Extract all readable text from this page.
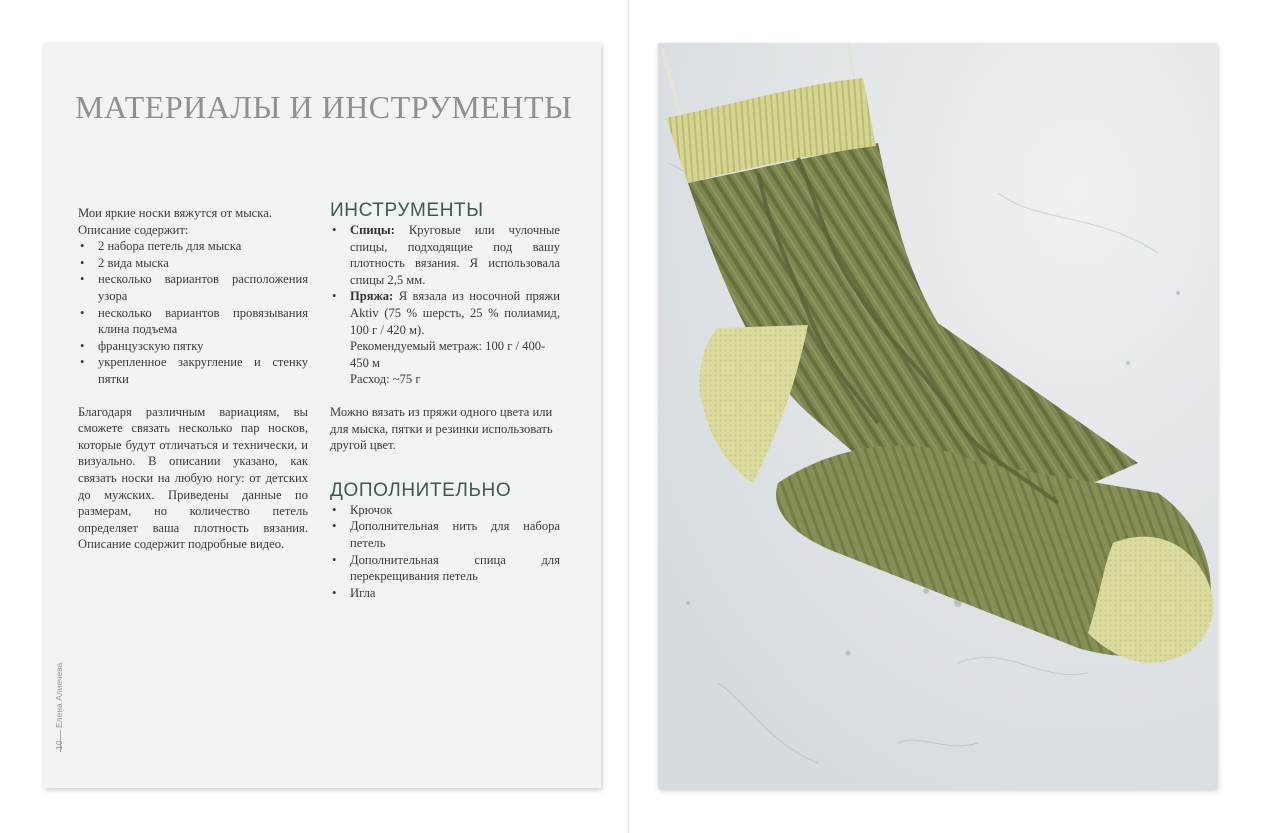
МАТЕРИАЛЫ И ИНСТРУМЕНТЫ

Мои яркие носки вяжутся от мыска.

Описание содержит:

• 2 набора петель для мыска
• 2 вида мыска
• несколько вариантов расположения узора
• несколько вариантов провязывания клина подъема
• французскую пятку
• укрепленное закругление и стенку пятки

Благодаря различным вариациям, вы сможете связать несколько пар носков, которые будут отличаться и технически, и визуально. В описании указано, как связать носки на любую ногу: от детских до мужских. Приведены данные по размерам, но количество петель определяет ваша плотность вязания. Описание содержит подробные видео.

ИНСТРУМЕНТЫ
• Спицы: Круговые или чулочные спицы, подходящие под вашу плотность вязания. Я использовала спицы 2,5 мм.
• Пряжа: Я вязала из носочной пряжи Aktiv (75 % шерсть, 25 % полиамид, 100 г / 420 м).

Рекомендуемый метраж: 100 г / 400-450 м

Расход: ~75 г

Можно вязать из пряжи одного цвета или для мыска, пятки и резинки использовать другой цвет.

ДОПОЛНИТЕЛЬНО
• Крючок
• Дополнительная нить для набора петель
• Дополнительная спица для перекрещивания петель
• Игла
Елена Алиечева
10
